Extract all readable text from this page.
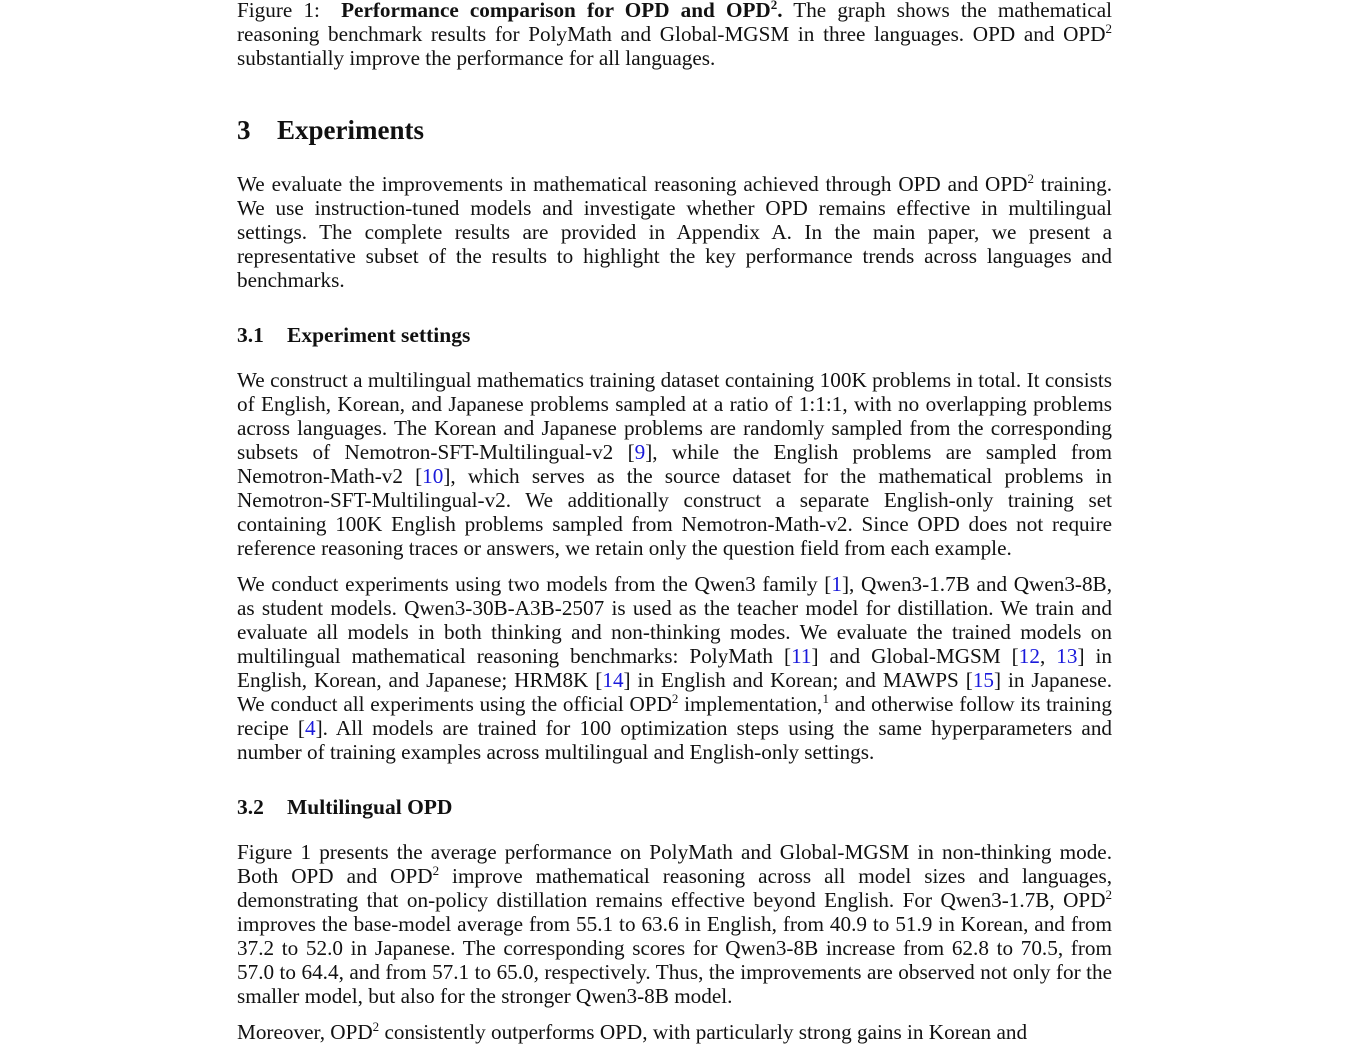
Figure 1: Performance comparison for OPD and OPD$^2$. The graph shows the mathematical reasoning benchmark results for PolyMath and Global-MGSM in three languages. OPD and OPD$^2$ substantially improve the performance for all languages.
3 Experiments

We evaluate the improvements in mathematical reasoning achieved through OPD and OPD$^2$ training. We use instruction-tuned models and investigate whether OPD remains effective in multilingual settings. The complete results are provided in Appendix A. In the main paper, we present a representative subset of the results to highlight the key performance trends across languages and benchmarks.

3.1 Experiment settings

We construct a multilingual mathematics training dataset containing 100K problems in total. It consists of English, Korean, and Japanese problems sampled at a ratio of 1:1:1, with no overlapping problems across languages. The Korean and Japanese problems are randomly sampled from the corresponding subsets of Nemotron-SFT-Multilingual-v2 [9], while the English problems are sampled from Nemotron-Math-v2 [10], which serves as the source dataset for the mathematical problems in Nemotron-SFT-Multilingual-v2. We additionally construct a separate English-only training set containing 100K English problems sampled from Nemotron-Math-v2. Since OPD does not require reference reasoning traces or answers, we retain only the question field from each example.

We conduct experiments using two models from the Qwen3 family [1], Qwen3-1.7B and Qwen3-8B, as student models. Qwen3-30B-A3B-2507 is used as the teacher model for distillation. We train and evaluate all models in both thinking and non-thinking modes. We evaluate the trained models on multilingual mathematical reasoning benchmarks: PolyMath [11] and Global-MGSM [12, 13] in English, Korean, and Japanese; HRM8K [14] in English and Korean; and MAWPS [15] in Japanese. We conduct all experiments using the official OPD$^2$ implementation,$^1$ and otherwise follow its training recipe [4]. All models are trained for 100 optimization steps using the same hyperparameters and number of training examples across multilingual and English-only settings.

3.2 Multilingual OPD

Figure 1 presents the average performance on PolyMath and Global-MGSM in non-thinking mode. Both OPD and OPD$^2$ improve mathematical reasoning across all model sizes and languages, demonstrating that on-policy distillation remains effective beyond English. For Qwen3-1.7B, OPD$^2$ improves the base-model average from 55.1 to 63.6 in English, from 40.9 to 51.9 in Korean, and from 37.2 to 52.0 in Japanese. The corresponding scores for Qwen3-8B increase from 62.8 to 70.5, from 57.0 to 64.4, and from 57.1 to 65.0, respectively. Thus, the improvements are observed not only for the smaller model, but also for the stronger Qwen3-8B model.

Moreover, OPD$^2$ consistently outperforms OPD, with particularly strong gains in Korean and
